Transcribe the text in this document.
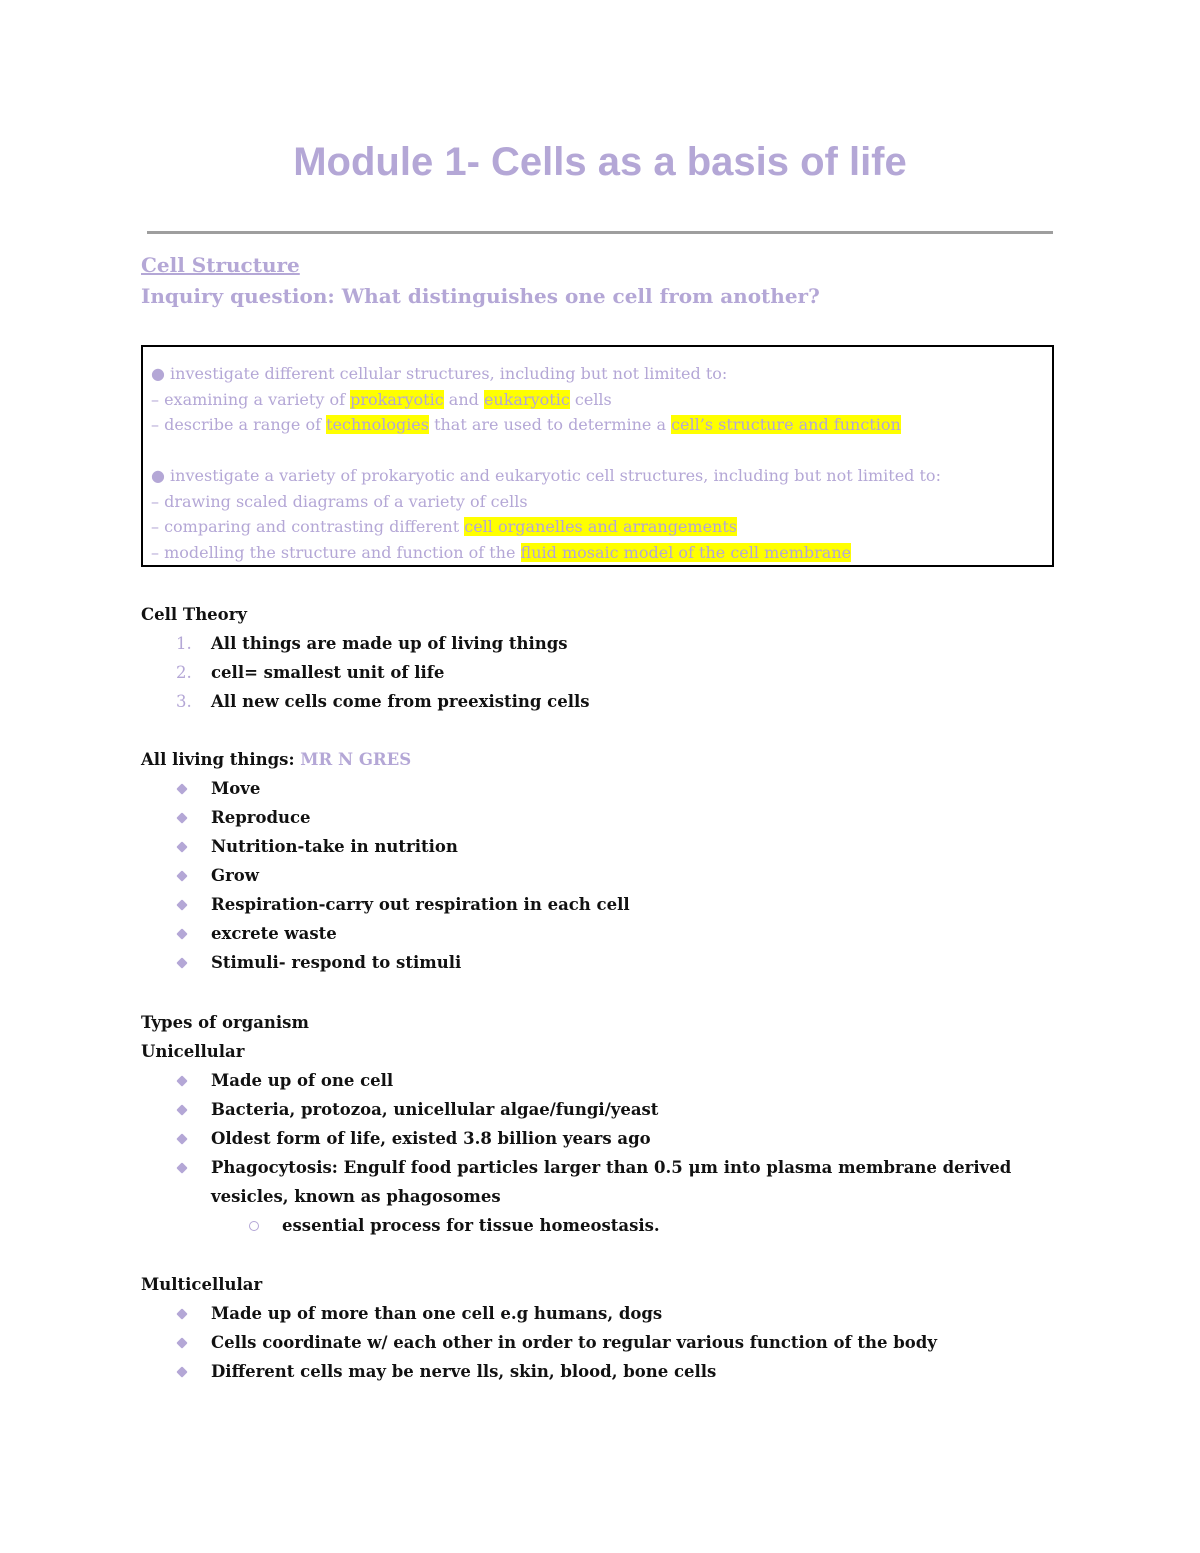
Module 1- Cells as a basis of life
Cell Structure
Inquiry question: What distinguishes one cell from another?
● investigate different cellular structures, including but not limited to:
– examining a variety of prokaryotic and eukaryotic cells
– describe a range of technologies that are used to determine a cell’s structure and function
● investigate a variety of prokaryotic and eukaryotic cell structures, including but not limited to:
– drawing scaled diagrams of a variety of cells
– comparing and contrasting different cell organelles and arrangements
– modelling the structure and function of the fluid mosaic model of the cell membrane
Cell Theory
1. All things are made up of living things
2. cell= smallest unit of life
3. All new cells come from preexisting cells
All living things: MR N GRES
Move
Reproduce
Nutrition-take in nutrition
Grow
Respiration-carry out respiration in each cell
excrete waste
Stimuli- respond to stimuli
Types of organism
Unicellular
Made up of one cell
Bacteria, protozoa, unicellular algae/fungi/yeast
Oldest form of life, existed 3.8 billion years ago
Phagocytosis: Engulf food particles larger than 0.5 μm into plasma membrane derived
vesicles, known as phagosomes
essential process for tissue homeostasis.
Multicellular
Made up of more than one cell e.g humans, dogs
Cells coordinate w/ each other in order to regular various function of the body
Different cells may be nerve lls, skin, blood, bone cells
